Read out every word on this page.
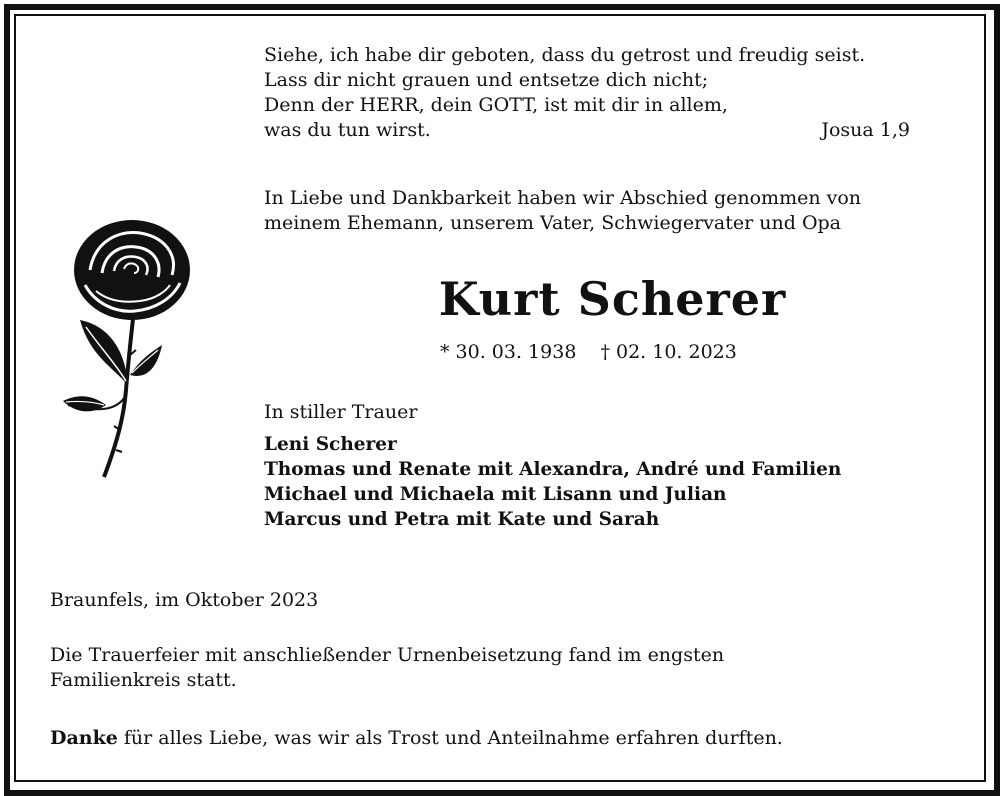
Siehe, ich habe dir geboten, dass du getrost und freudig seist.
Lass dir nicht grauen und entsetze dich nicht;
Denn der HERR, dein GOTT, ist mit dir in allem,
was du tun wirst.	Josua 1,9
In Liebe und Dankbarkeit haben wir Abschied genommen von
meinem Ehemann, unserem Vater, Schwiegervater und Opa
Kurt Scherer
* 30. 03. 1938 † 02. 10. 2023
In stiller Trauer
Leni Scherer
Thomas und Renate mit Alexandra, André und Familien
Michael und Michaela mit Lisann und Julian
Marcus und Petra mit Kate und Sarah
Braunfels, im Oktober 2023
Die Trauerfeier mit anschließender Urnenbeisetzung fand im engsten
Familienkreis statt.
Danke für alles Liebe, was wir als Trost und Anteilnahme erfahren durften.
